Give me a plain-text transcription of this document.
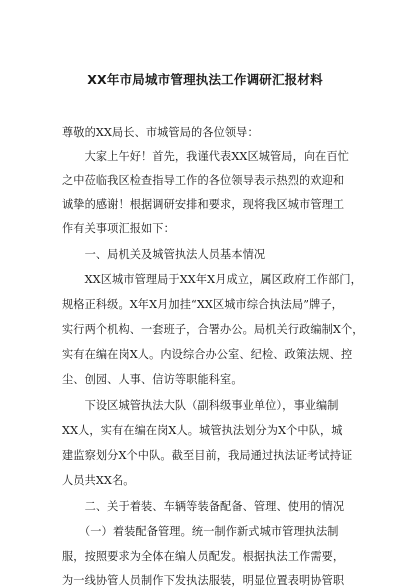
XX年市局城市管理执法工作调研汇报材料
尊敬的XX局长、市城管局的各位领导：
　　大家上午好！首先，我谨代表XX区城管局，向在百忙
之中莅临我区检查指导工作的各位领导表示热烈的欢迎和
诚挚的感谢！根据调研安排和要求，现将我区城市管理工
作有关事项汇报如下：
　　一、局机关及城管执法人员基本情况
　　XX区城市管理局于XX年X月成立，属区政府工作部门，
规格正科级。X年X月加挂“XX区城市综合执法局”牌子，
实行两个机构、一套班子，合署办公。局机关行政编制X个，
实有在编在岗X人。内设综合办公室、纪检、政策法规、控
尘、创园、人事、信访等职能科室。
　　下设区城管执法大队（副科级事业单位），事业编制
XX人，实有在编在岗X人。城管执法划分为X个中队，城
建监察划分X个中队。截至目前，我局通过执法证考试持证
人员共XX名。
　　二、关于着装、车辆等装备配备、管理、使用的情况
　　（一）着装配备管理。统一制作新式城市管理执法制
服，按照要求为全体在编人员配发。根据执法工作需要，
为一线协管人员制作下发执法服装，明显位置表明协管职
